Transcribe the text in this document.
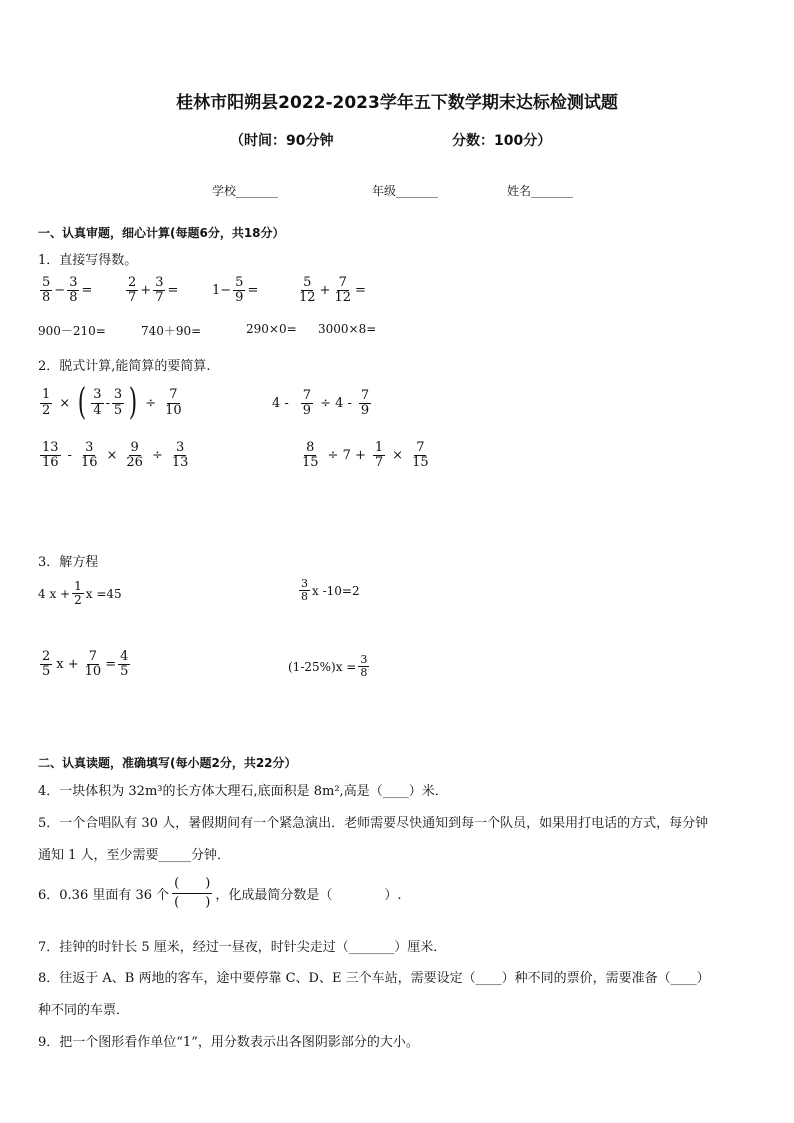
桂林市阳朔县2022-2023学年五下数学期末达标检测试题
（时间：90分钟	分数：100分）
学校_______	年级_______	姓名_______
一、认真审题，细心计算(每题6分，共18分）
1．直接写得数。
$\frac{5}{8} - \frac{3}{8}$ =	$\frac{2}{7} + \frac{3}{7}$ =	$1- \frac{5}{9}$ =	$\frac{5}{12} + \frac{7}{12}$ =
900－210=	740＋90=	290×0= 3000×8=
2．脱式计算,能简算的要简算.
$\frac{1}{2}$ × ( $\frac{3}{4} - \frac{3}{5}$ ) ÷ $\frac{7}{10}$	$4 - \frac{7}{9} \div 4 - \frac{7}{9}$
$\frac{13}{16} - \frac{3}{16} \times \frac{9}{26} \div \frac{3}{13}$	$\frac{8}{15} \div 7 + \frac{1}{7} \times \frac{7}{15}$
3．解方程
4 $x + \frac{1}{2}$ x =45	$\frac{3}{8}$ x -10=2
$\frac{2}{5}$ $x + \frac{7}{10} = \frac{4}{5}$	$(1-25\%)x = \frac{3}{8}$
二、认真读题，准确填写(每小题2分，共22分）
4．一块体积为 32m³的长方体大理石,底面积是 8m²,高是（____）米．
5．一个合唱队有 30 人，暑假期间有一个紧急演出．老师需要尽快通知到每一个队员，如果用打电话的方式，每分钟
通知 1 人，至少需要_____分钟．
6．0.36 里面有 36 个
(　　)
(　　) ，化成最简分数是（　　　　）.
7．挂钟的时针长 5 厘米，经过一昼夜，时针尖走过（_______）厘米．
8．往返于 A、B 两地的客车，途中要停靠 C、D、E 三个车站，需要设定（____）种不同的票价，需要准备（____）
种不同的车票．
9．把一个图形看作单位“1”，用分数表示出各图阴影部分的大小。
